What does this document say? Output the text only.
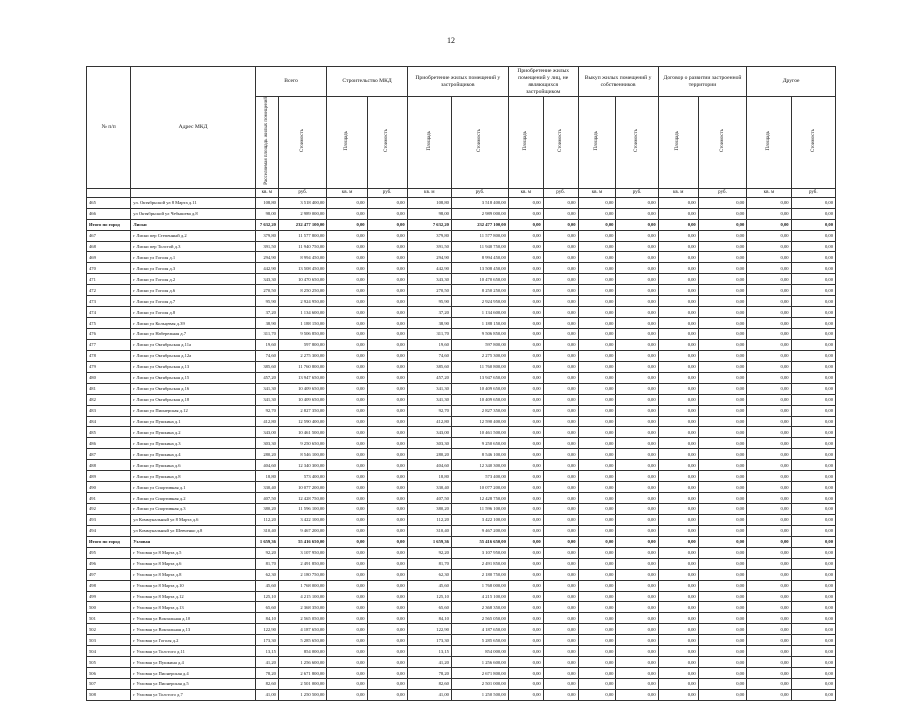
12
№ п/п	Адрес МКД	Всего		Строительство МКД		Приобретение жилых помещений у застройщиков		Приобретение жилых помещений у лиц, не являющихся застройщиком		Выкуп жилых помещений у собственников		Договор о развитии застроенной территории		Другое	
		Расселяемая площадь жилых помещений	Стоимость	Площадь	Стоимость	Площадь	Стоимость	Площадь	Стоимость	Площадь	Стоимость	Площадь	Стоимость	Площадь	Стоимость
		кв. м	руб.	кв. м	руб.	кв. м	руб.	кв. м	руб.	кв. м	руб.	кв. м	руб.	кв. м	руб.
465	ул. Октябрьской ул 8 Марта д.11	108,80	3 518 400,00	0,00	0,00	108,80	3 518 400,00	0,00	0,00	0,00	0,00	0,00	0,00	0,00	0,00
466	ул Октябрьской ул Чебышева д.8	98,00	2 989 000,00	0,00	0,00	98,00	2 989 000,00	0,00	0,00	0,00	0,00	0,00	0,00	0,00	0,00
Итого по город	Лиски	7 632,20	232 477 100,00	0,00	0,00	7 632,20	232 477 100,00	0,00	0,00	0,00	0,00	0,00	0,00	0,00	0,00
467	г Лиски пер Степенный д.2	379,80	11 577 800,00	0,00	0,00	379,80	11 577 800,00	0,00	0,00	0,00	0,00	0,00	0,00	0,00	0,00
468	г Лиски пер Толстой д.3	391,50	11 940 750,00	0,00	0,00	391,50	11 940 750,00	0,00	0,00	0,00	0,00	0,00	0,00	0,00	0,00
469	г Лиски ул Гоголя д.1	294,90	8 994 450,00	0,00	0,00	294,90	8 994 450,00	0,00	0,00	0,00	0,00	0,00	0,00	0,00	0,00
470	г Лиски ул Гоголя д.3	442,90	13 508 450,00	0,00	0,00	442,90	13 508 450,00	0,00	0,00	0,00	0,00	0,00	0,00	0,00	0,00
471	г Лиски ул Гоголя д.2	343,30	10 470 650,00	0,00	0,00	343,30	10 470 650,00	0,00	0,00	0,00	0,00	0,00	0,00	0,00	0,00
472	г Лиски ул Гоголя д.6	270,50	8 250 250,00	0,00	0,00	270,50	8 250 250,00	0,00	0,00	0,00	0,00	0,00	0,00	0,00	0,00
473	г Лиски ул Гоголя д.7	95,90	2 924 950,00	0,00	0,00	95,90	2 924 950,00	0,00	0,00	0,00	0,00	0,00	0,00	0,00	0,00
474	г Лиски ул Гоголя д.8	37,20	1 134 600,00	0,00	0,00	37,20	1 134 600,00	0,00	0,00	0,00	0,00	0,00	0,00	0,00	0,00
475	г Лиски ул Кольцевая д.39	38,90	1 188 150,00	0,00	0,00	38,90	1 188 150,00	0,00	0,00	0,00	0,00	0,00	0,00	0,00	0,00
476	г Лиски ул Набережная д.7	311,70	9 506 850,00	0,00	0,00	311,70	9 506 850,00	0,00	0,00	0,00	0,00	0,00	0,00	0,00	0,00
477	г Лиски ул Октябрьская д.11а	19,60	597 800,00	0,00	0,00	19,60	597 800,00	0,00	0,00	0,00	0,00	0,00	0,00	0,00	0,00
478	г Лиски ул Октябрьская д.12а	74,60	2 275 300,00	0,00	0,00	74,60	2 275 300,00	0,00	0,00	0,00	0,00	0,00	0,00	0,00	0,00
479	г Лиски ул Октябрьская д.13	385,60	11 760 800,00	0,00	0,00	385,60	11 760 800,00	0,00	0,00	0,00	0,00	0,00	0,00	0,00	0,00
480	г Лиски ул Октябрьская д.15	457,20	13 947 650,00	0,00	0,00	457,20	13 947 650,00	0,00	0,00	0,00	0,00	0,00	0,00	0,00	0,00
481	г Лиски ул Октябрьская д.16	341,30	10 409 650,00	0,00	0,00	341,30	10 409 650,00	0,00	0,00	0,00	0,00	0,00	0,00	0,00	0,00
482	г Лиски ул Октябрьская д.18	341,30	10 409 650,00	0,00	0,00	341,30	10 409 650,00	0,00	0,00	0,00	0,00	0,00	0,00	0,00	0,00
483	г Лиски ул Пионерская д.12	92,70	2 827 350,00	0,00	0,00	92,70	2 827 350,00	0,00	0,00	0,00	0,00	0,00	0,00	0,00	0,00
484	г Лиски ул Пушкина д.1	412,80	12 590 400,00	0,00	0,00	412,80	12 590 400,00	0,00	0,00	0,00	0,00	0,00	0,00	0,00	0,00
485	г Лиски ул Пушкина д.2	343,00	10 461 500,00	0,00	0,00	343,00	10 461 500,00	0,00	0,00	0,00	0,00	0,00	0,00	0,00	0,00
486	г Лиски ул Пушкина д.3	303,30	9 250 650,00	0,00	0,00	303,30	9 250 650,00	0,00	0,00	0,00	0,00	0,00	0,00	0,00	0,00
487	г Лиски ул Пушкина д.4	280,20	8 546 100,00	0,00	0,00	280,20	8 546 100,00	0,00	0,00	0,00	0,00	0,00	0,00	0,00	0,00
488	г Лиски ул Пушкина д.6	404,60	12 340 300,00	0,00	0,00	404,60	12 340 300,00	0,00	0,00	0,00	0,00	0,00	0,00	0,00	0,00
489	г Лиски ул Пушкина д.8	18,80	573 400,00	0,00	0,00	18,80	573 400,00	0,00	0,00	0,00	0,00	0,00	0,00	0,00	0,00
490	г Лиски ул Спортивная д.1	330,40	10 077 200,00	0,00	0,00	330,40	10 077 200,00	0,00	0,00	0,00	0,00	0,00	0,00	0,00	0,00
491	г Лиски ул Спортивная д.2	407,50	12 428 750,00	0,00	0,00	407,50	12 428 750,00	0,00	0,00	0,00	0,00	0,00	0,00	0,00	0,00
492	г Лиски ул Спортивная д.3	380,20	11 596 100,00	0,00	0,00	380,20	11 596 100,00	0,00	0,00	0,00	0,00	0,00	0,00	0,00	0,00
493	ул Коммунальный ул 8 Марта д.6	112,20	3 422 100,00	0,00	0,00	112,20	3 422 100,00	0,00	0,00	0,00	0,00	0,00	0,00	0,00	0,00
494	ул Коммунальный ул Шевченко д.8	310,40	9 467 200,00	0,00	0,00	310,40	9 467 200,00	0,00	0,00	0,00	0,00	0,00	0,00	0,00	0,00
Итого по город	Узловая	1 659,36	55 416 650,00	0,00	0,00	1 659,36	55 416 650,00	0,00	0,00	0,00	0,00	0,00	0,00	0,00	0,00
495	г Узловая ул 8 Марта д.5	92,20	3 107 950,00	0,00	0,00	92,20	3 107 950,00	0,00	0,00	0,00	0,00	0,00	0,00	0,00	0,00
496	г Узловая ул 8 Марта д.6	81,70	2 491 850,00	0,00	0,00	81,70	2 491 850,00	0,00	0,00	0,00	0,00	0,00	0,00	0,00	0,00
497	г Узловая ул 8 Марта д.8	62,30	2 180 750,00	0,00	0,00	62,30	2 180 750,00	0,00	0,00	0,00	0,00	0,00	0,00	0,00	0,00
498	г Узловая ул 8 Марта д.10	45,60	1 768 000,00	0,00	0,00	45,60	1 768 000,00	0,00	0,00	0,00	0,00	0,00	0,00	0,00	0,00
499	г Узловая ул 8 Марта д.12	125,10	4 215 100,00	0,00	0,00	125,10	4 215 100,00	0,00	0,00	0,00	0,00	0,00	0,00	0,00	0,00
500	г Узловая ул 8 Марта д.13	65,60	2 368 350,00	0,00	0,00	65,60	2 368 350,00	0,00	0,00	0,00	0,00	0,00	0,00	0,00	0,00
501	г Узловая ул Вокзальная д.10	84,10	2 565 050,00	0,00	0,00	84,10	2 565 050,00	0,00	0,00	0,00	0,00	0,00	0,00	0,00	0,00
502	г Узловая ул Вокзальная д.13	122,90	4 187 650,00	0,00	0,00	122,90	4 187 650,00	0,00	0,00	0,00	0,00	0,00	0,00	0,00	0,00
503	г Узловая ул Гоголя д.2	173,30	5 285 650,00	0,00	0,00	173,30	5 285 650,00	0,00	0,00	0,00	0,00	0,00	0,00	0,00	0,00
504	г Узловая ул Толстого д.11	13,15	854 000,00	0,00	0,00	13,15	854 000,00	0,00	0,00	0,00	0,00	0,00	0,00	0,00	0,00
505	г Узловая ул Пушкина д.4	41,20	1 256 600,00	0,00	0,00	41,20	1 256 600,00	0,00	0,00	0,00	0,00	0,00	0,00	0,00	0,00
506	г Узловая ул Пионерская д.4	78,20	2 671 800,00	0,00	0,00	78,20	2 671 800,00	0,00	0,00	0,00	0,00	0,00	0,00	0,00	0,00
507	г Узловая ул Пионерская д.5	82,60	2 501 000,00	0,00	0,00	82,60	2 501 000,00	0,00	0,00	0,00	0,00	0,00	0,00	0,00	0,00
508	г Узловая ул Толстого д.7	41,00	1 250 500,00	0,00	0,00	41,00	1 250 500,00	0,00	0,00	0,00	0,00	0,00	0,00	0,00	0,00
